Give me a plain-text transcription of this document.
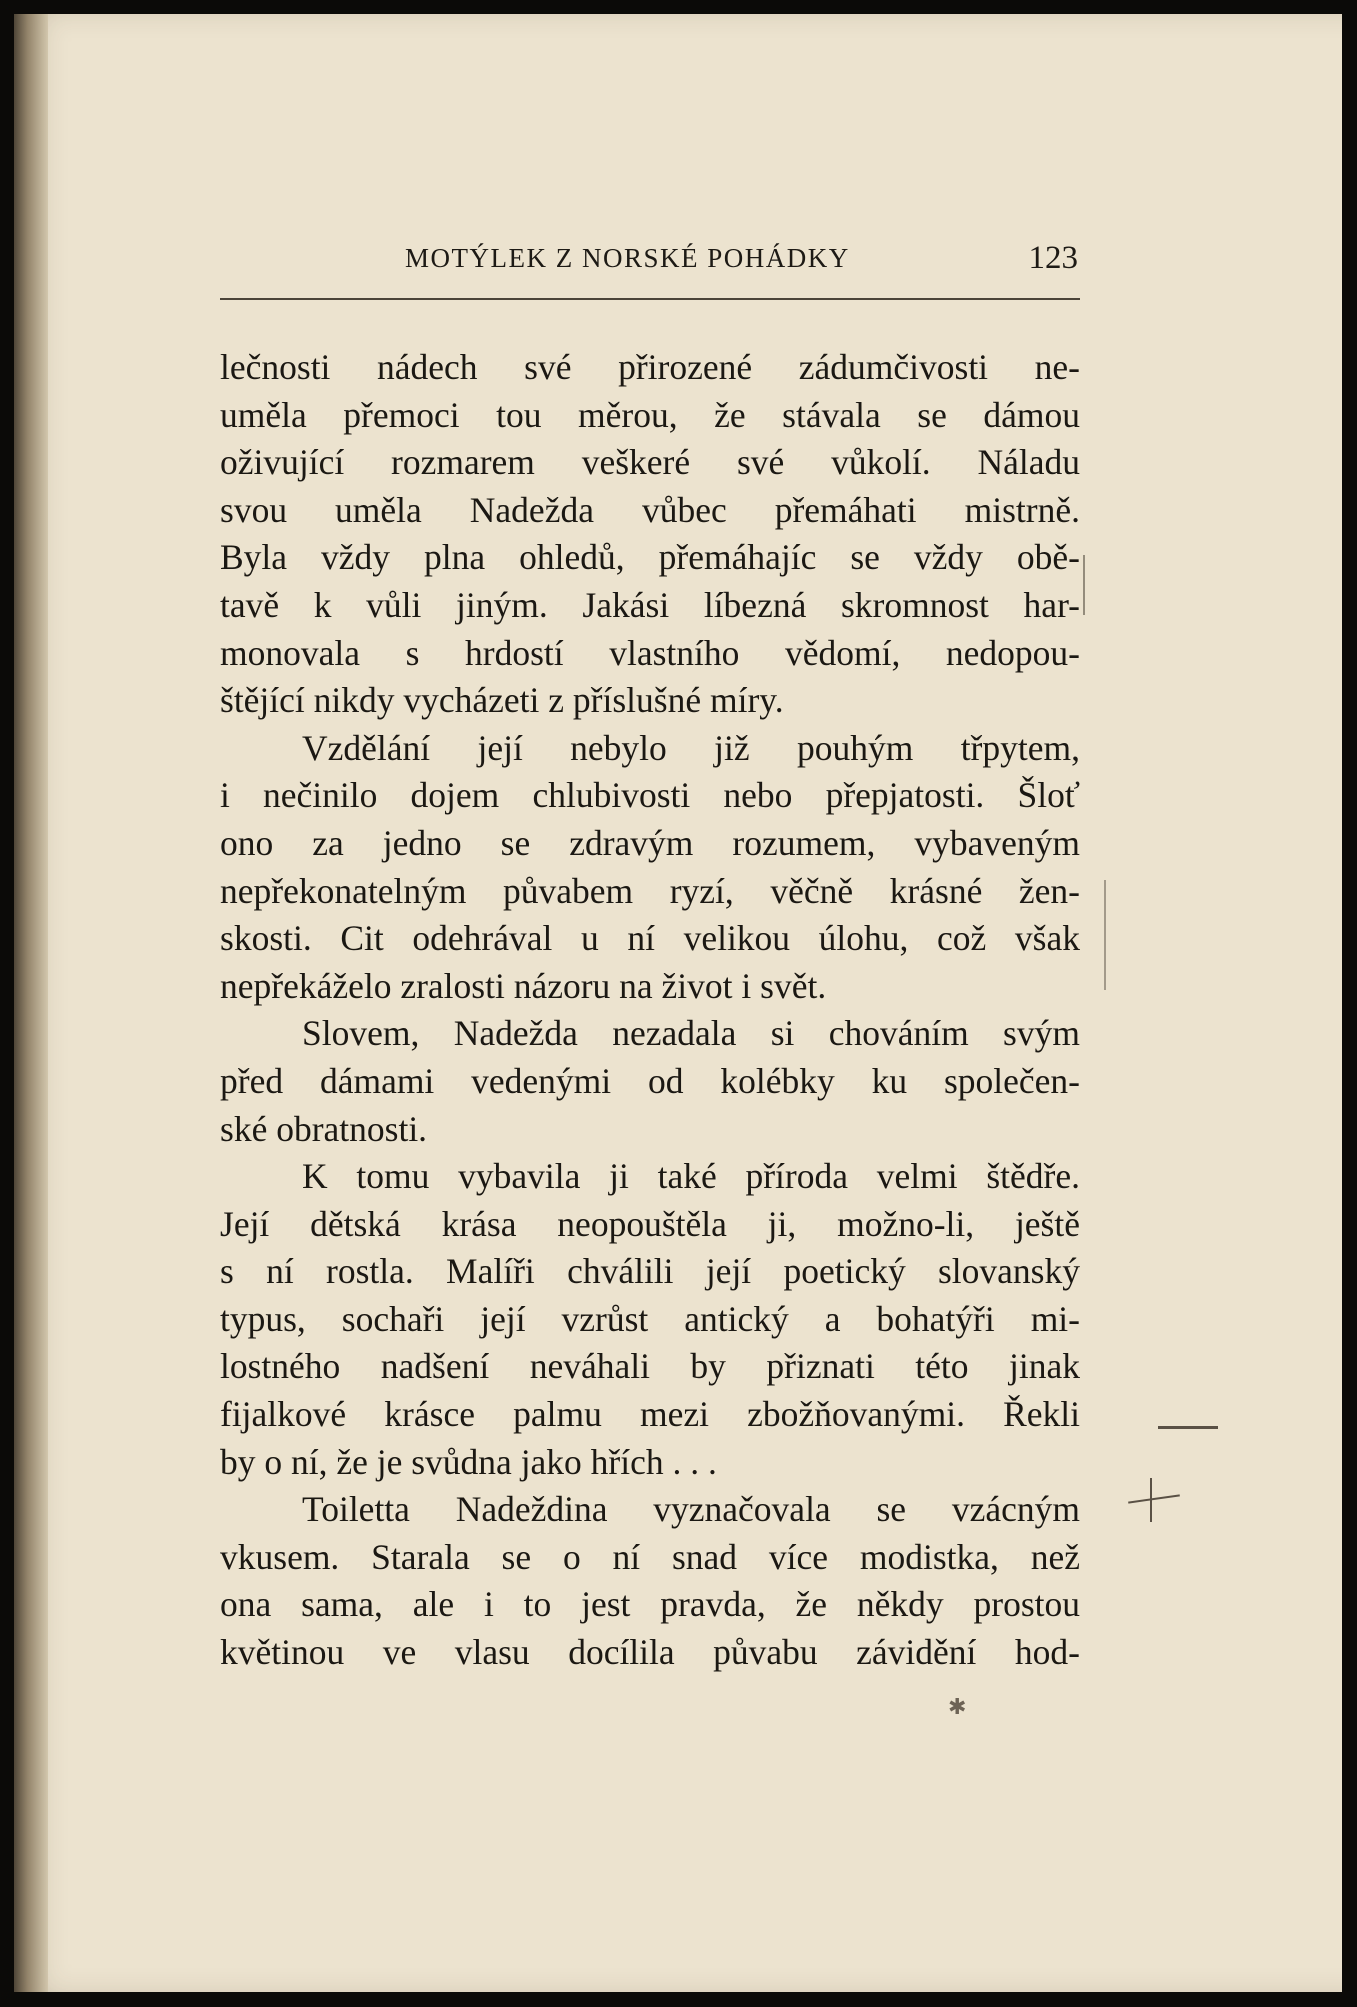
MOTÝLEK Z NORSKÉ POHÁDKY	123
lečnosti nádech své přirozené zádumčivosti ne-
uměla přemoci tou měrou, že stávala se dámou
oživující rozmarem veškeré své vůkolí. Náladu
svou uměla Nadežda vůbec přemáhati mistrně.
Byla vždy plna ohledů, přemáhajíc se vždy obě-
tavě k vůli jiným. Jakási líbezná skromnost har-
monovala s hrdostí vlastního vědomí, nedopou-
štějící nikdy vycházeti z příslušné míry.
Vzdělání její nebylo již pouhým třpytem,
i nečinilo dojem chlubivosti nebo přepjatosti. Šloť
ono za jedno se zdravým rozumem, vybaveným
nepřekonatelným půvabem ryzí, věčně krásné žen-
skosti. Cit odehrával u ní velikou úlohu, což však
nepřekáželo zralosti názoru na život i svět.
Slovem, Nadežda nezadala si chováním svým
před dámami vedenými od kolébky ku společen-
ské obratnosti.
K tomu vybavila ji také příroda velmi štědře.
Její dětská krása neopouštěla ji, možno-li, ještě
s ní rostla. Malíři chválili její poetický slovanský
typus, sochaři její vzrůst antický a bohatýři mi-
lostného nadšení neváhali by přiznati této jinak
fijalkové krásce palmu mezi zbožňovanými. Řekli
by o ní, že je svůdna jako hřích . . .
Toiletta Nadeždina vyznačovala se vzácným
vkusem. Starala se o ní snad více modistka, než
ona sama, ale i to jest pravda, že někdy prostou
květinou ve vlasu docílila půvabu závidění hod-
✱
